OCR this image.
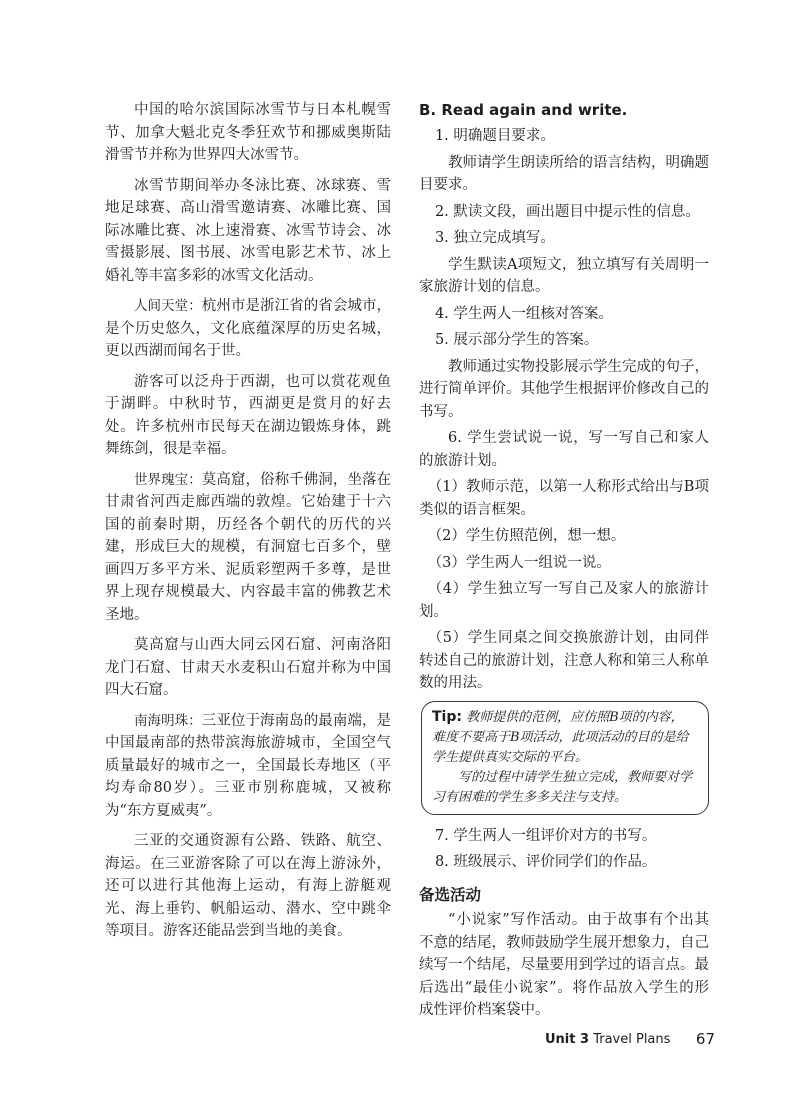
中国的哈尔滨国际冰雪节与日本札幌雪节、加拿大魁北克冬季狂欢节和挪威奥斯陆滑雪节并称为世界四大冰雪节。

冰雪节期间举办冬泳比赛、冰球赛、雪地足球赛、高山滑雪邀请赛、冰雕比赛、国际冰雕比赛、冰上速滑赛、冰雪节诗会、冰雪摄影展、图书展、冰雪电影艺术节、冰上婚礼等丰富多彩的冰雪文化活动。

人间天堂：杭州市是浙江省的省会城市，是个历史悠久，文化底蕴深厚的历史名城，更以西湖而闻名于世。

游客可以泛舟于西湖，也可以赏花观鱼于湖畔。中秋时节，西湖更是赏月的好去处。许多杭州市民每天在湖边锻炼身体，跳舞练剑，很是幸福。

世界瑰宝：莫高窟，俗称千佛洞，坐落在甘肃省河西走廊西端的敦煌。它始建于十六国的前秦时期，历经各个朝代的历代的兴建，形成巨大的规模，有洞窟七百多个，壁画四万多平方米、泥质彩塑两千多尊，是世界上现存规模最大、内容最丰富的佛教艺术圣地。

莫高窟与山西大同云冈石窟、河南洛阳龙门石窟、甘肃天水麦积山石窟并称为中国四大石窟。

南海明珠：三亚位于海南岛的最南端，是中国最南部的热带滨海旅游城市，全国空气质量最好的城市之一，全国最长寿地区（平均寿命80岁）。三亚市别称鹿城，又被称为“东方夏威夷”。

三亚的交通资源有公路、铁路、航空、海运。在三亚游客除了可以在海上游泳外，还可以进行其他海上运动，有海上游艇观光、海上垂钓、帆船运动、潜水、空中跳伞等项目。游客还能品尝到当地的美食。

B. Read again and write.

1. 明确题目要求。

教师请学生朗读所给的语言结构，明确题目要求。

2. 默读文段，画出题目中提示性的信息。

3. 独立完成填写。

学生默读A项短文，独立填写有关周明一家旅游计划的信息。

4. 学生两人一组核对答案。

5. 展示部分学生的答案。

教师通过实物投影展示学生完成的句子，进行简单评价。其他学生根据评价修改自己的书写。

6. 学生尝试说一说，写一写自己和家人的旅游计划。

（1）教师示范，以第一人称形式给出与B项类似的语言框架。

（2）学生仿照范例，想一想。

（3）学生两人一组说一说。

（4）学生独立写一写自己及家人的旅游计划。

（5）学生同桌之间交换旅游计划，由同伴转述自己的旅游计划，注意人称和第三人称单数的用法。

Tip: 教师提供的范例，应仿照B项的内容，难度不要高于B项活动，此项活动的目的是给学生提供真实交际的平台。

写的过程中请学生独立完成，教师要对学习有困难的学生多多关注与支持。

7. 学生两人一组评价对方的书写。

8. 班级展示、评价同学们的作品。

备选活动

“小说家”写作活动。由于故事有个出其不意的结尾，教师鼓励学生展开想象力，自己续写一个结尾，尽量要用到学过的语言点。最后选出“最佳小说家”。将作品放入学生的形成性评价档案袋中。

Unit 3 Travel Plans 67
